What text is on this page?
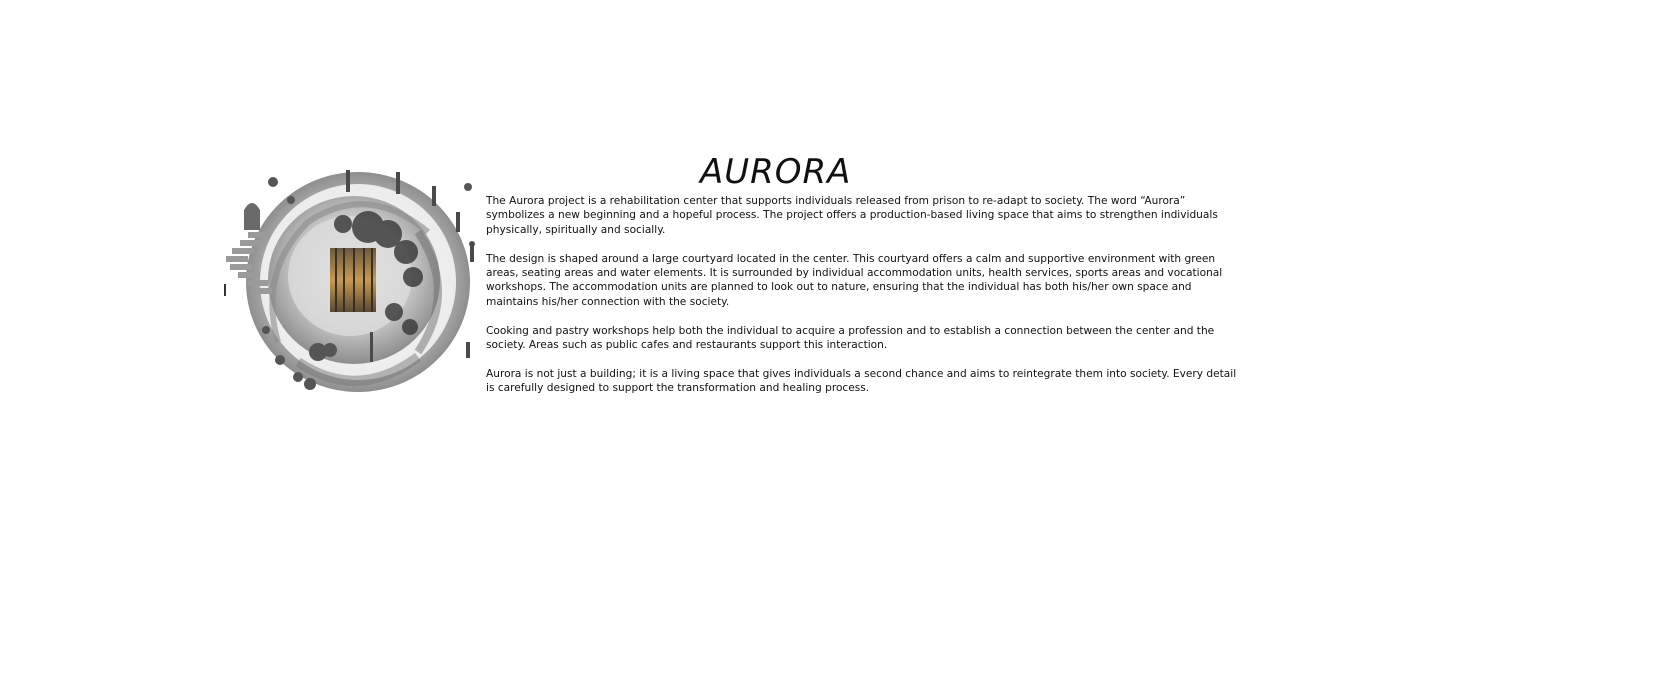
AURORA

The Aurora project is a rehabilitation center that supports individuals released from prison to re-adapt to society. The word “Aurora” symbolizes a new beginning and a hopeful process. The project offers a production-based living space that aims to strengthen individuals physically, spiritually and socially.

The design is shaped around a large courtyard located in the center. This courtyard offers a calm and supportive environment with green areas, seating areas and water elements. It is surrounded by individual accommodation units, health services, sports areas and vocational workshops. The accommodation units are planned to look out to nature, ensuring that the individual has both his/her own space and maintains his/her connection with the society.

Cooking and pastry workshops help both the individual to acquire a profession and to establish a connection between the center and the society. Areas such as public cafes and restaurants support this interaction.

Aurora is not just a building; it is a living space that gives individuals a second chance and aims to reintegrate them into society. Every detail is carefully designed to support the transformation and healing process.
